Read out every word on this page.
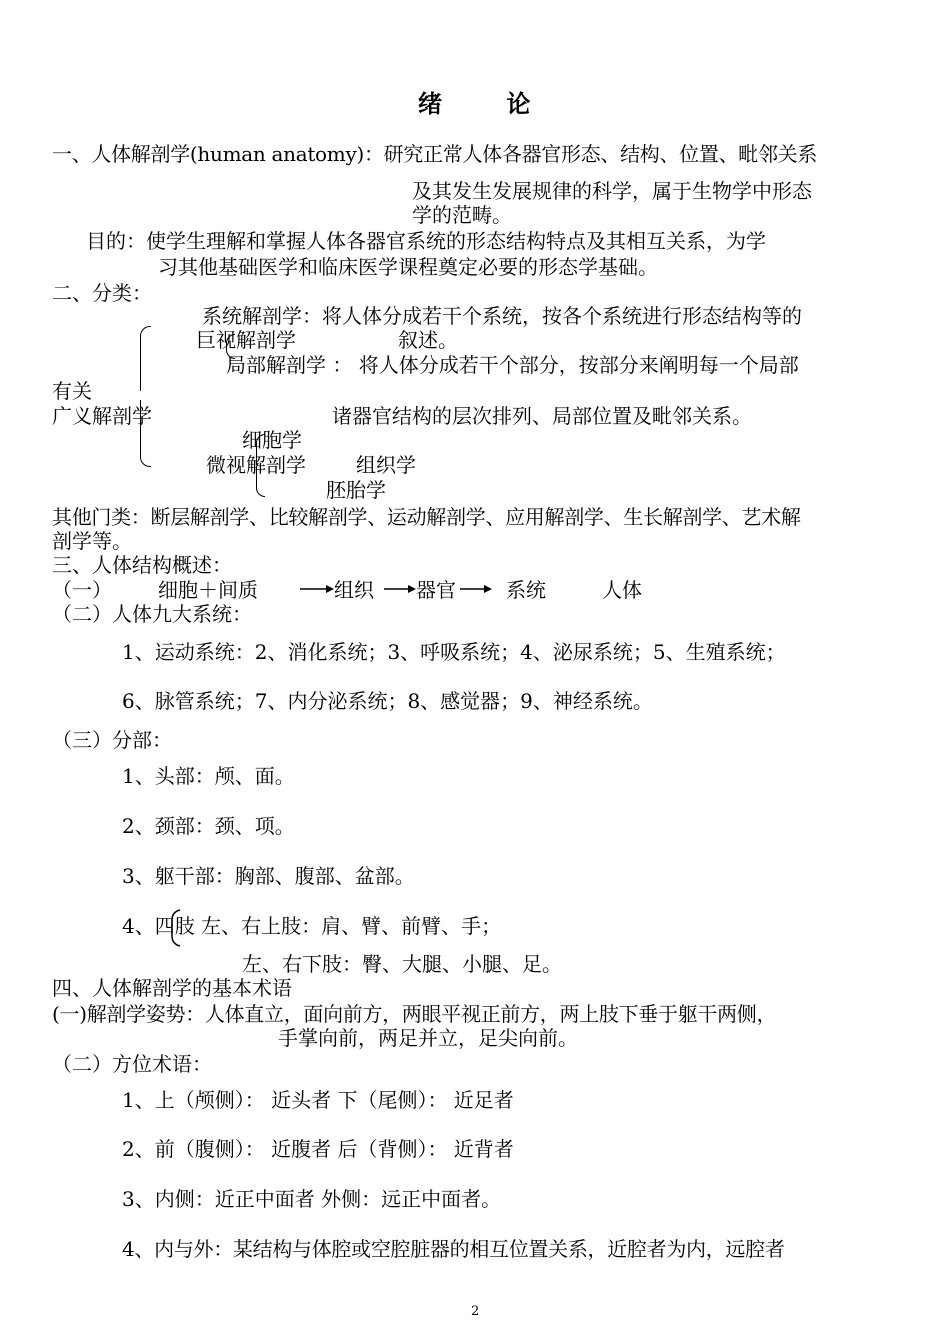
绪 论
一、人体解剖学(human anatomy)：研究正常人体各器官形态、结构、位置、毗邻关系
及其发生发展规律的科学，属于生物学中形态
学的范畴。
目的：使学生理解和掌握人体各器官系统的形态结构特点及其相互关系，为学
习其他基础医学和临床医学课程奠定必要的形态学基础。
二、分类：
系统解剖学：将人体分成若干个系统，按各个系统进行形态结构等的
巨视解剖学	叙述。
局部解剖学 ： 将人体分成若干个部分，按部分来阐明每一个局部
有关
广义解剖学	诸器官结构的层次排列、局部位置及毗邻关系。
细胞学
微视解剖学	组织学
胚胎学
其他门类：断层解剖学、比较解剖学、运动解剖学、应用解剖学、生长解剖学、艺术解
剖学等。
三、人体结构概述：
（一） 细胞＋间质	组织 器官	系统	人体
（二）人体九大系统：
1、运动系统：2、消化系统；3、呼吸系统；4、泌尿系统；5、生殖系统；
6、脉管系统；7、内分泌系统；8、感觉器；9、神经系统。
（三）分部：
1、头部：颅、面。
2、颈部：颈、项。
3、躯干部：胸部、腹部、盆部。
4、四肢 左、右上肢：肩、臂、前臂、手；
左、右下肢：臀、大腿、小腿、足。
四、人体解剖学的基本术语
(一)解剖学姿势：人体直立，面向前方，两眼平视正前方，两上肢下垂于躯干两侧，
手掌向前，两足并立，足尖向前。
（二）方位术语：
1、上（颅侧）： 近头者 下（尾侧）： 近足者
2、前（腹侧）： 近腹者 后（背侧）： 近背者
3、内侧：近正中面者 外侧：远正中面者。
4、内与外：某结构与体腔或空腔脏器的相互位置关系，近腔者为内，远腔者
2
